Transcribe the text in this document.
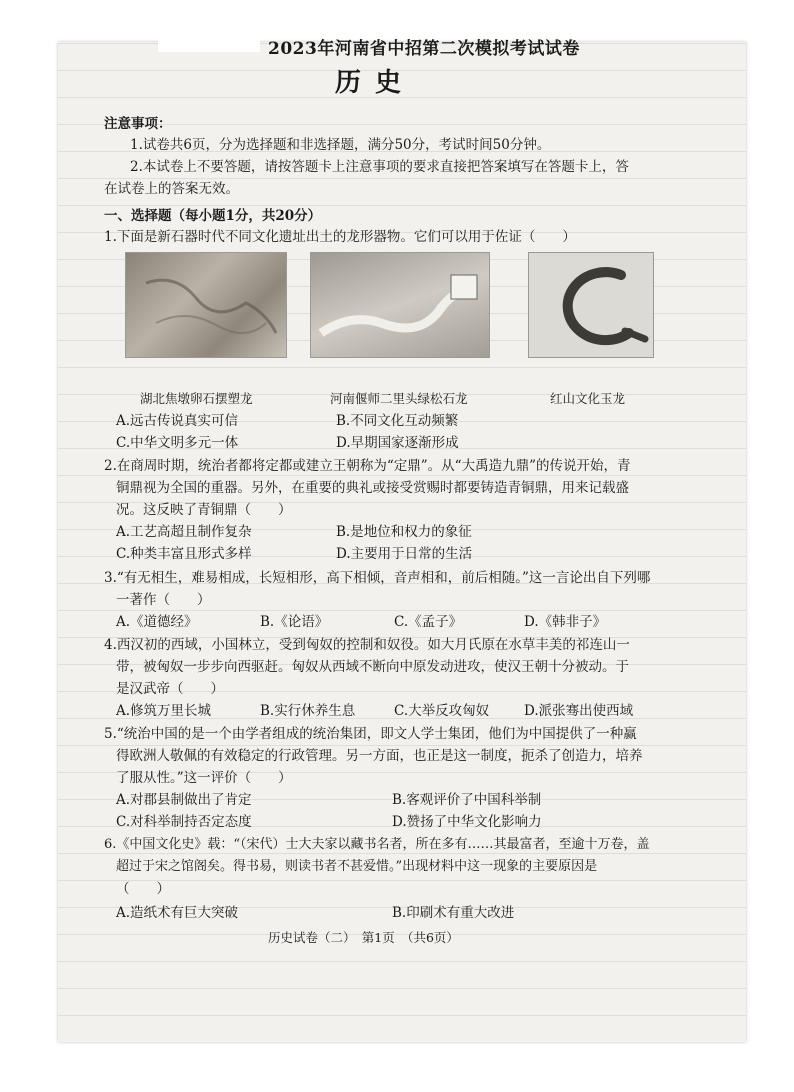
2023年河南省中招第二次模拟考试试卷
历史
注意事项：
1.试卷共6页，分为选择题和非选择题，满分50分，考试时间50分钟。
2.本试卷上不要答题，请按答题卡上注意事项的要求直接把答案填写在答题卡上，答
在试卷上的答案无效。
一、选择题（每小题1分，共20分）
1.下面是新石器时代不同文化遗址出土的龙形器物。它们可以用于佐证（　　）
湖北焦墩卵石摆塑龙	河南偃师二里头绿松石龙	红山文化玉龙
A.远古传说真实可信	B.不同文化互动频繁
C.中华文明多元一体	D.早期国家逐渐形成
2.在商周时期，统治者都将定都或建立王朝称为“定鼎”。从“大禹造九鼎”的传说开始，青
铜鼎视为全国的重器。另外，在重要的典礼或接受赏赐时都要铸造青铜鼎，用来记载盛
况。这反映了青铜鼎（　　）
A.工艺高超且制作复杂	B.是地位和权力的象征
C.种类丰富且形式多样	D.主要用于日常的生活
3.“有无相生，难易相成，长短相形，高下相倾，音声相和，前后相随。”这一言论出自下列哪
一著作（　　）
A.《道德经》	B.《论语》	C.《孟子》	D.《韩非子》
4.西汉初的西域，小国林立，受到匈奴的控制和奴役。如大月氏原在水草丰美的祁连山一
带，被匈奴一步步向西驱赶。匈奴从西域不断向中原发动进攻，使汉王朝十分被动。于
是汉武帝（　　）
A.修筑万里长城	B.实行休养生息	C.大举反攻匈奴	D.派张骞出使西域
5.“统治中国的是一个由学者组成的统治集团，即文人学士集团，他们为中国提供了一种赢
得欧洲人敬佩的有效稳定的行政管理。另一方面，也正是这一制度，扼杀了创造力，培养
了服从性。”这一评价（　　）
A.对郡县制做出了肯定	B.客观评价了中国科举制
C.对科举制持否定态度	D.赞扬了中华文化影响力
6.《中国文化史》载：“（宋代）士大夫家以藏书名者，所在多有……其最富者，至逾十万卷，盖
超过于宋之馆阁矣。得书易，则读书者不甚爱惜。”出现材料中这一现象的主要原因是
（　　）
A.造纸术有巨大突破	B.印刷术有重大改进
历史试卷（二）　第1页　（共6页）
